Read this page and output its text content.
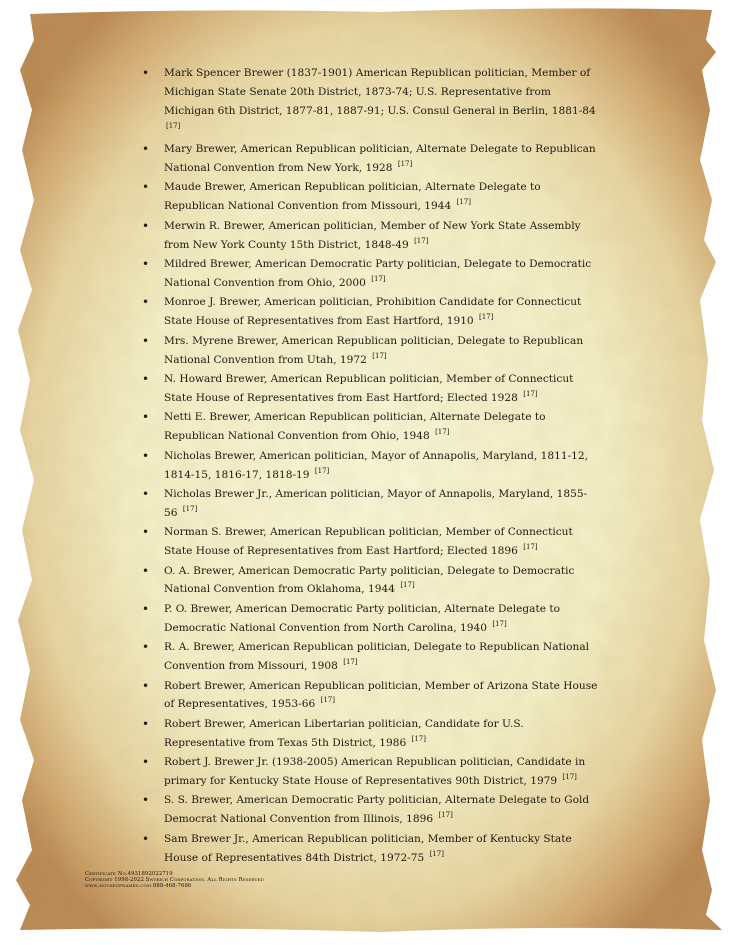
• Mark Spencer Brewer (1837-1901) American Republican politician, Member of Michigan State Senate 20th District, 1873-74; U.S. Representative from Michigan 6th District, 1877-81, 1887-91; U.S. Consul General in Berlin, 1881-84 [17]
• Mary Brewer, American Republican politician, Alternate Delegate to Republican National Convention from New York, 1928 [17]
• Maude Brewer, American Republican politician, Alternate Delegate to Republican National Convention from Missouri, 1944 [17]
• Merwin R. Brewer, American politician, Member of New York State Assembly from New York County 15th District, 1848-49 [17]
• Mildred Brewer, American Democratic Party politician, Delegate to Democratic National Convention from Ohio, 2000 [17]
• Monroe J. Brewer, American politician, Prohibition Candidate for Connecticut State House of Representatives from East Hartford, 1910 [17]
• Mrs. Myrene Brewer, American Republican politician, Delegate to Republican National Convention from Utah, 1972 [17]
• N. Howard Brewer, American Republican politician, Member of Connecticut State House of Representatives from East Hartford; Elected 1928 [17]
• Netti E. Brewer, American Republican politician, Alternate Delegate to Republican National Convention from Ohio, 1948 [17]
• Nicholas Brewer, American politician, Mayor of Annapolis, Maryland, 1811-12, 1814-15, 1816-17, 1818-19 [17]
• Nicholas Brewer Jr., American politician, Mayor of Annapolis, Maryland, 1855-56 [17]
• Norman S. Brewer, American Republican politician, Member of Connecticut State House of Representatives from East Hartford; Elected 1896 [17]
• O. A. Brewer, American Democratic Party politician, Delegate to Democratic National Convention from Oklahoma, 1944 [17]
• P. O. Brewer, American Democratic Party politician, Alternate Delegate to Democratic National Convention from North Carolina, 1940 [17]
• R. A. Brewer, American Republican politician, Delegate to Republican National Convention from Missouri, 1908 [17]
• Robert Brewer, American Republican politician, Member of Arizona State House of Representatives, 1953-66 [17]
• Robert Brewer, American Libertarian politician, Candidate for U.S. Representative from Texas 5th District, 1986 [17]
• Robert J. Brewer Jr. (1938-2005) American Republican politician, Candidate in primary for Kentucky State House of Representatives 90th District, 1979 [17]
• S. S. Brewer, American Democratic Party politician, Alternate Delegate to Gold Democrat National Convention from Illinois, 1896 [17]
• Sam Brewer Jr., American Republican politician, Member of Kentucky State House of Representatives 84th District, 1972-75 [17]
Certificate No.4931892022719
Copyright 1998-2022 Swyrich Corporation. All Rights Reserved
www.houseofnames.com 888-468-7686
